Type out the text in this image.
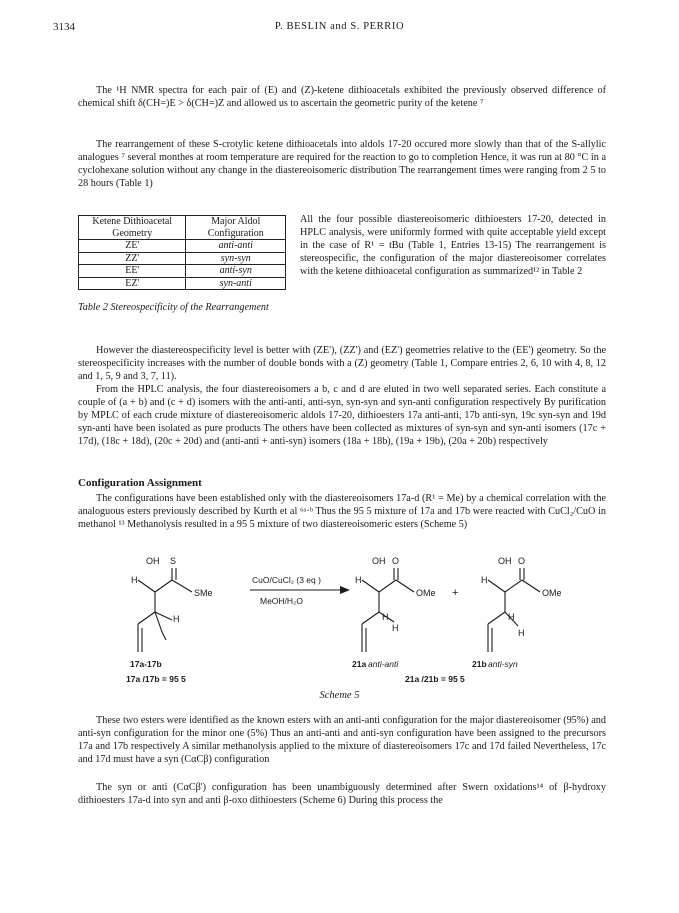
3134	P. BESLIN and S. PERRIO

The ¹H NMR spectra for each pair of (E) and (Z)-ketene dithioacetals exhibited the previously observed difference of chemical shift δ(CH=)E > δ(CH=)Z and allowed us to ascertain the geometric purity of the ketene ⁷

The rearrangement of these S-crotylic ketene dithioacetals into aldols 17-20 occured more slowly than that of the S-allylic analogues ⁷ several monthes at room temperature are required for the reaction to go to completion Hence, it was run at 80 °C in a cyclohexane solution without any change in the diastereoisomeric distribution The rearrangement times were ranging from 2 5 to 28 hours (Table 1)

Ketene Dithioacetal Geometry	Major Aldol Configuration
ZE'	anti-anti
ZZ'	syn-syn
EE'	anti-syn
EZ'	syn-anti
Table 2 Stereospecificity of the Rearrangement
All the four possible diastereoisomeric dithioesters 17-20, detected in HPLC analysis, were uniformly formed with quite acceptable yield except in the case of R¹ = tBu (Table 1, Entries 13-15) The rearrangement is stereospecific, the configuration of the major diastereoisomer correlates with the ketene dithioacetal configuration as summarized¹² in Table 2

However the diastereospecificity level is better with (ZE'), (ZZ') and (EZ') geometries relative to the (EE') geometry. So the stereospecificity increases with the number of double bonds with a (Z) geometry (Table 1, Compare entries 2, 6, 10 with 4, 8, 12 and 1, 5, 9 and 3, 7, 11).

From the HPLC analysis, the four diastereoisomers a b, c and d are eluted in two well separated series. Each constitute a couple of (a + b) and (c + d) isomers with the anti-anti, anti-syn, syn-syn and syn-anti configuration respectively By purification by MPLC of each crude mixture of diastereoisomeric aldols 17-20, dithioesters 17a anti-anti, 17b anti-syn, 19c syn-syn and 19d syn-anti have been isolated as pure products The others have been collected as mixtures of syn-syn and syn-anti isomers (17c + 17d), (18c + 18d), (20c + 20d) and (anti-anti + anti-syn) isomers (18a + 18b), (19a + 19b), (20a + 20b) respectively

Configuration Assignment

The configurations have been established only with the diastereoisomers 17a-d (R¹ = Me) by a chemical correlation with the analoguous esters previously described by Kurth et al ⁶ᵃ·ᵇ Thus the 95 5 mixture of 17a and 17b were reacted with CuCl₂/CuO in methanol ¹³ Methanolysis resulted in a 95 5 mixture of two diastereoisomeric esters (Scheme 5)

H
OH S
SMe
H
CuO/CuCl₂ (3 eq )
MeOH/H₂O
H
OH O
OMe
H
H
+
H
OH O
OMe
H
H
17a-17b
17a /17b = 95 5
21a anti-anti	21b anti-syn
21a /21b = 95 5
Scheme 5

These two esters were identified as the known esters with an anti-anti configuration for the major diastereoisomer (95%) and anti-syn configuration for the minor one (5%) Thus an anti-anti and anti-syn configuration have been assigned to the precursors 17a and 17b respectively A similar methanolysis applied to the mixture of diastereoisomers 17c and 17d failed Nevertheless, 17c and 17d must have a syn (CαCβ) configuration

The syn or anti (CαCβ') configuration has been unambiguously determined after Swern oxidations¹⁴ of β-hydroxy dithioesters 17a-d into syn and anti β-oxo dithioesters (Scheme 6) During this process the
